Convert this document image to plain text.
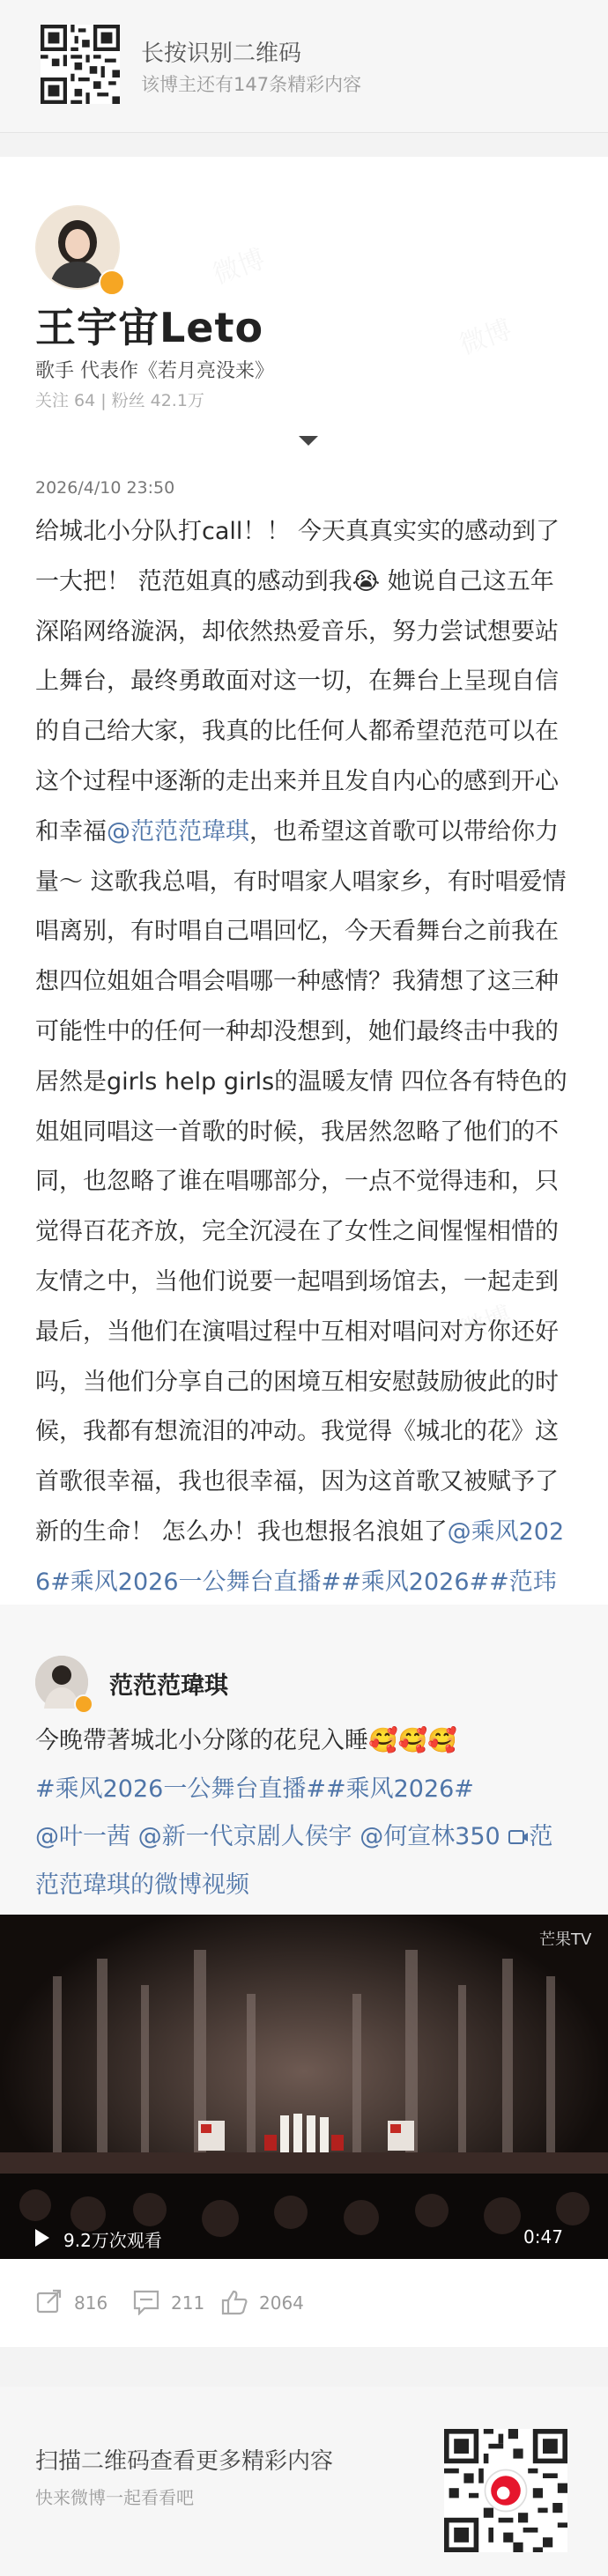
长按识别二维码
该博主还有147条精彩内容
王宇宙Leto
歌手 代表作《若月亮没来》
关注 64 | 粉丝 42.1万
2026/4/10 23:50
给城北小分队打call！！ 今天真真实实的感动到了一大把！ 范范姐真的感动到我😭 她说自己这五年深陷网络漩涡，却依然热爱音乐，努力尝试想要站上舞台，最终勇敢面对这一切，在舞台上呈现自信的自己给大家，我真的比任何人都希望范范可以在这个过程中逐渐的走出来并且发自内心的感到开心和幸福@范范范瑋琪，也希望这首歌可以带给你力量～ 这歌我总唱，有时唱家人唱家乡，有时唱爱情唱离别，有时唱自己唱回忆，今天看舞台之前我在想四位姐姐合唱会唱哪一种感情？我猜想了这三种可能性中的任何一种却没想到，她们最终击中我的居然是girls help girls的温暖友情 四位各有特色的姐姐同唱这一首歌的时候，我居然忽略了他们的不同，也忽略了谁在唱哪部分，一点不觉得违和，只觉得百花齐放，完全沉浸在了女性之间惺惺相惜的友情之中，当他们说要一起唱到场馆去，一起走到最后，当他们在演唱过程中互相对唱问对方你还好吗，当他们分享自己的困境互相安慰鼓励彼此的时候，我都有想流泪的冲动。我觉得《城北的花》这首歌很幸福，我也很幸福，因为这首歌又被赋予了新的生命！ 怎么办！我也想报名浪姐了@乘风2026#乘风2026一公舞台直播##乘风2026##范玮
范范范瑋琪
今晚帶著城北小分隊的花兒入睡🥰🥰🥰
#乘风2026一公舞台直播##乘风2026#
@叶一茜 @新一代京剧人侯宇 @何宣林350 范范范瑋琪的微博视频
芒果TV
9.2万次观看	0:47
816	211	2064
扫描二维码查看更多精彩内容
快来微博一起看看吧
